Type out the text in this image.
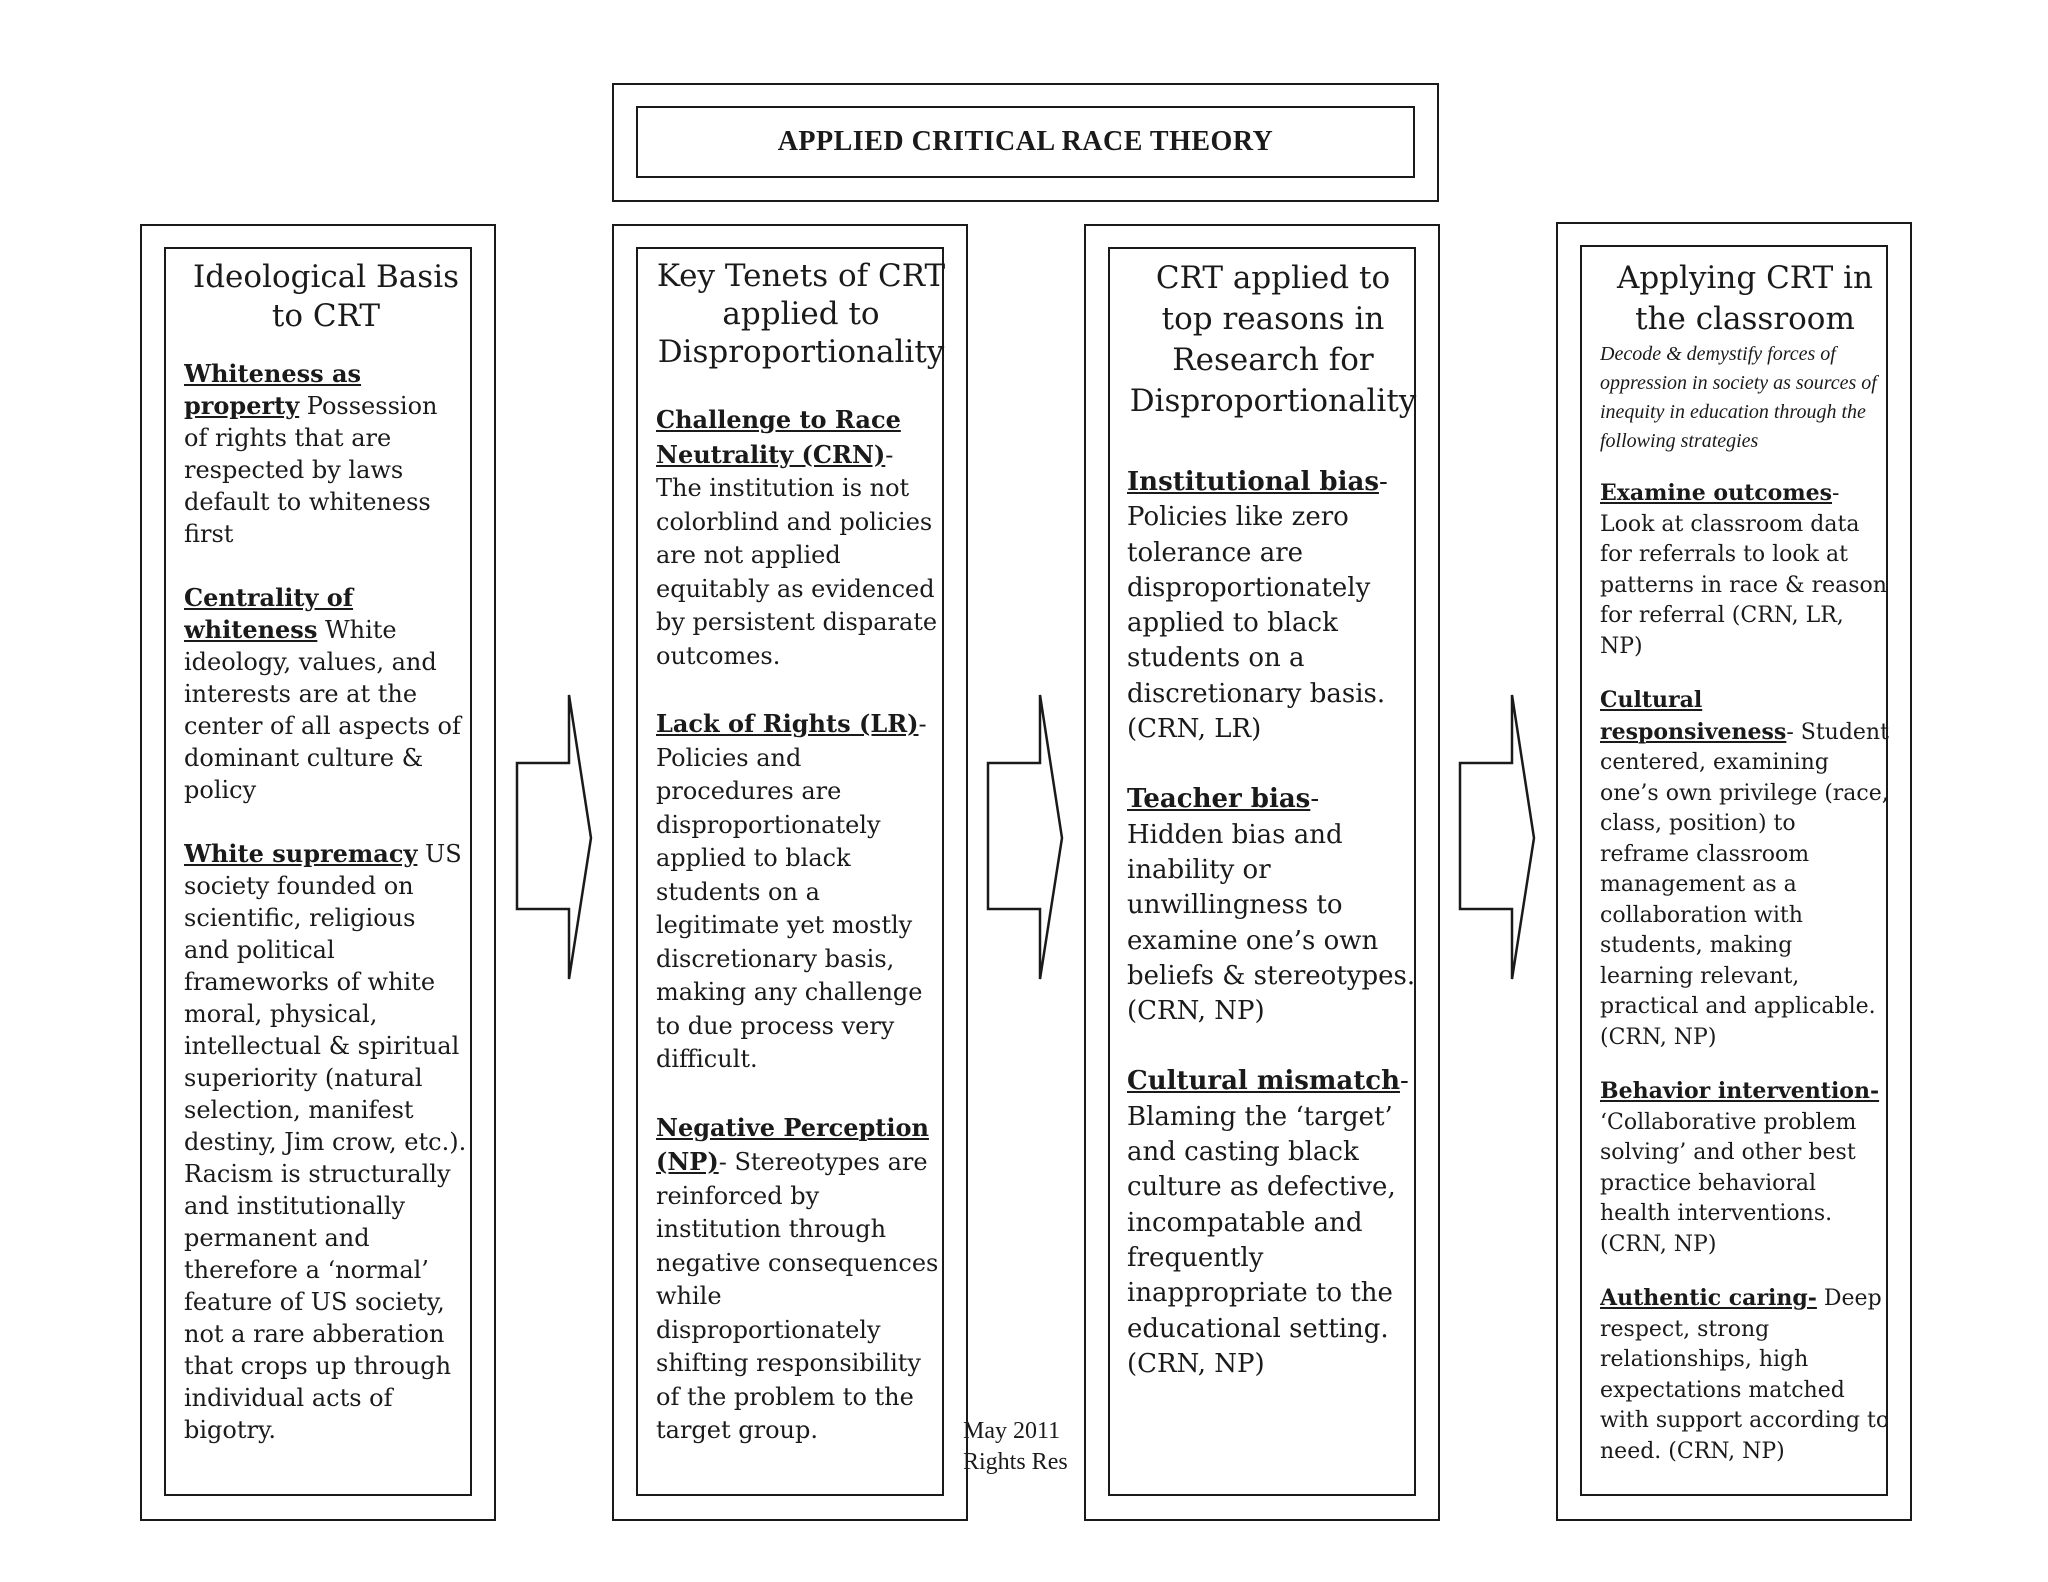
APPLIED CRITICAL RACE THEORY

Ideological Basis to CRT

Whiteness as property Possession of rights that are respected by laws default to whiteness first

Centrality of whiteness White ideology, values, and interests are at the center of all aspects of dominant culture & policy

White supremacy US society founded on scientific, religious and political frameworks of white moral, physical, intellectual & spiritual superiority (natural selection, manifest destiny, Jim crow, etc.). Racism is structurally and institutionally permanent and therefore a ‘normal’ feature of US society, not a rare abberation that crops up through individual acts of bigotry.

Key Tenets of CRT applied to Disproportionality

Challenge to Race Neutrality (CRN)- The institution is not colorblind and policies are not applied equitably as evidenced by persistent disparate outcomes.

Lack of Rights (LR)- Policies and procedures are disproportionately applied to black students on a legitimate yet mostly discretionary basis, making any challenge to due process very difficult.

Negative Perception (NP)- Stereotypes are reinforced by institution through negative consequences while disproportionately shifting responsibility of the problem to the target group.

CRT applied to top reasons in Research for Disproportionality

Institutional bias- Policies like zero tolerance are disproportionately applied to black students on a discretionary basis. (CRN, LR)

Teacher bias- Hidden bias and inability or unwillingness to examine one’s own beliefs & stereotypes. (CRN, NP)

Cultural mismatch- Blaming the ‘target’ and casting black culture as defective, incompatable and frequently inappropriate to the educational setting. (CRN, NP)

Applying CRT in the classroom

Decode & demystify forces of oppression in society as sources of inequity in education through the following strategies

Examine outcomes- Look at classroom data for referrals to look at patterns in race & reason for referral (CRN, LR, NP)

Cultural responsiveness- Student centered, examining one’s own privilege (race, class, position) to reframe classroom management as a collaboration with students, making learning relevant, practical and applicable. (CRN, NP)

Behavior intervention- ‘Collaborative problem solving’ and other best practice behavioral health interventions. (CRN, NP)

Authentic caring- Deep respect, strong relationships, high expectations matched with support according to need. (CRN, NP)

May 2011
Rights Res
